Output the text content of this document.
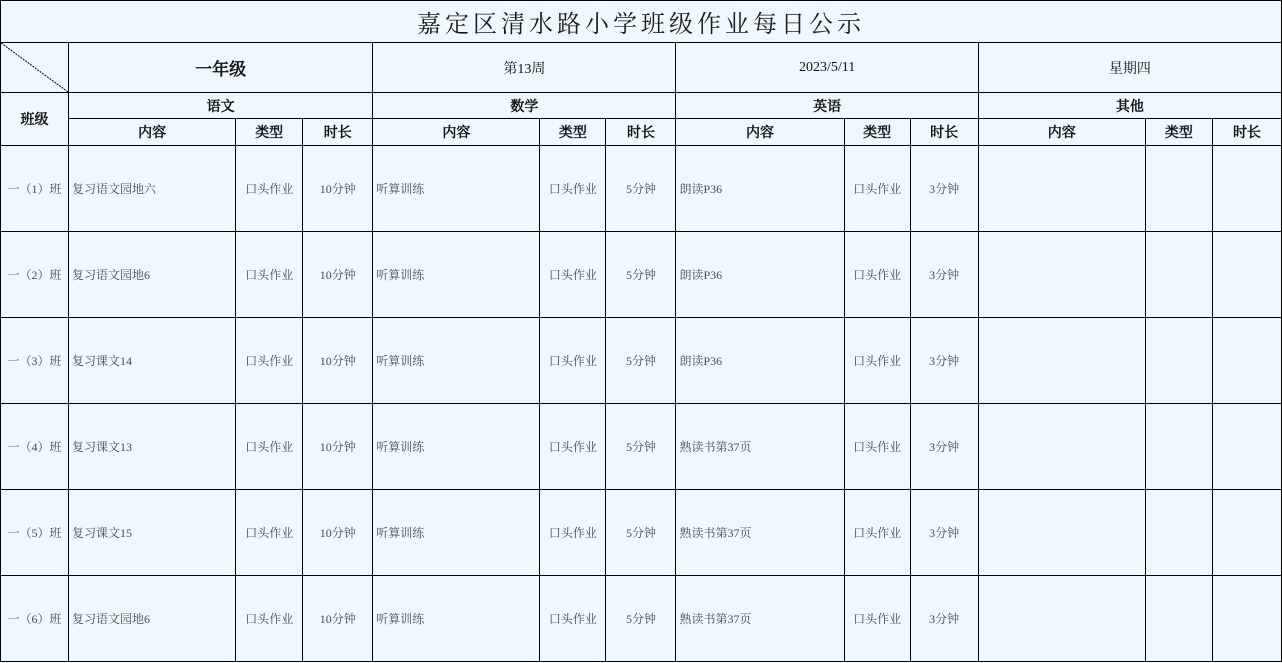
嘉定区清水路小学班级作业每日公示												

	一年级			第13周			2023/5/11			星期四		
班级	语文			数学			英语			其他		
	内容	类型	时长	内容	类型	时长	内容	类型	时长	内容	类型	时长
一（1）班	复习语文园地六	口头作业	10分钟	听算训练	口头作业	5分钟	朗读P36	口头作业	3分钟			
一（2）班	复习语文园地6	口头作业	10分钟	听算训练	口头作业	5分钟	朗读P36	口头作业	3分钟			
一（3）班	复习课文14	口头作业	10分钟	听算训练	口头作业	5分钟	朗读P36	口头作业	3分钟			
一（4）班	复习课文13	口头作业	10分钟	听算训练	口头作业	5分钟	熟读书第37页	口头作业	3分钟			
一（5）班	复习课文15	口头作业	10分钟	听算训练	口头作业	5分钟	熟读书第37页	口头作业	3分钟			
一（6）班	复习语文园地6	口头作业	10分钟	听算训练	口头作业	5分钟	熟读书第37页	口头作业	3分钟			
